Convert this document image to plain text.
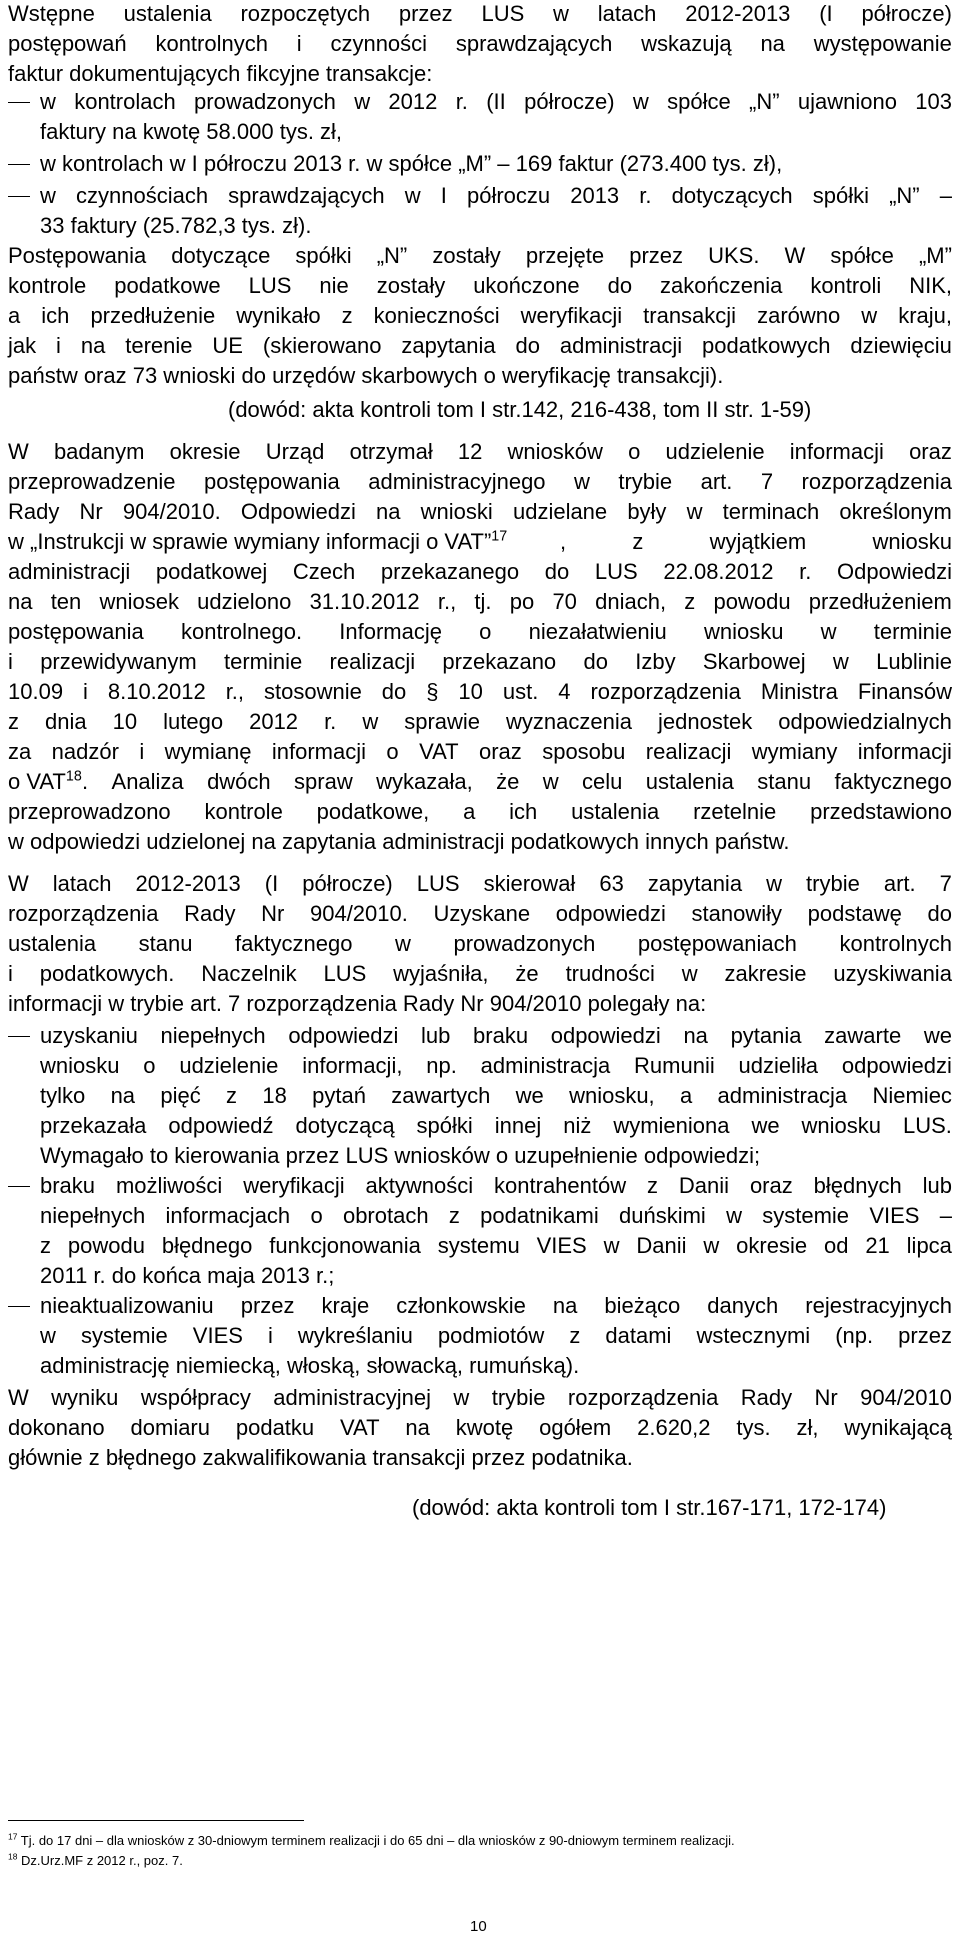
Wstępne ustalenia rozpoczętych przez LUS w latach 2012-2013 (I półrocze)
postępowań kontrolnych i czynności sprawdzających wskazują na występowanie
faktur dokumentujących fikcyjne transakcje:
w kontrolach prowadzonych w 2012 r. (II półrocze) w spółce „N” ujawniono 103
faktury na kwotę 58.000 tys. zł,
w kontrolach w I półroczu 2013 r. w spółce „M” – 169 faktur (273.400 tys. zł),
w czynnościach sprawdzających w I półroczu 2013 r. dotyczących spółki „N” –
33 faktury (25.782,3 tys. zł).
Postępowania dotyczące spółki „N” zostały przejęte przez UKS. W spółce „M”
kontrole podatkowe LUS nie zostały ukończone do zakończenia kontroli NIK,
a ich przedłużenie wynikało z konieczności weryfikacji transakcji zarówno w kraju,
jak i na terenie UE (skierowano zapytania do administracji podatkowych dziewięciu
państw oraz 73 wnioski do urzędów skarbowych o weryfikację transakcji).
(dowód: akta kontroli tom I str.142, 216-438, tom II str. 1-59)
W badanym okresie Urząd otrzymał 12 wniosków o udzielenie informacji oraz
przeprowadzenie postępowania administracyjnego w trybie art. 7 rozporządzenia
Rady Nr 904/2010. Odpowiedzi na wnioski udzielane były w terminach określonym
w „Instrukcji w sprawie wymiany informacji o VAT”$^{17}$ ,	z	wyjątkiem	wniosku
administracji podatkowej Czech przekazanego do LUS 22.08.2012 r. Odpowiedzi
na ten wniosek udzielono 31.10.2012 r., tj. po 70 dniach, z powodu przedłużeniem
postępowania kontrolnego. Informację o niezałatwieniu wniosku w terminie
i przewidywanym terminie realizacji przekazano do Izby Skarbowej w Lublinie
10.09 i 8.10.2012 r., stosownie do § 10 ust. 4 rozporządzenia Ministra Finansów
z dnia 10 lutego 2012 r. w sprawie wyznaczenia jednostek odpowiedzialnych
za nadzór i wymianę informacji o VAT oraz sposobu realizacji wymiany informacji
o VAT$^{18}$ . Analiza dwóch spraw wykazała, że w celu ustalenia stanu faktycznego
przeprowadzono kontrole podatkowe, a ich ustalenia rzetelnie przedstawiono
w odpowiedzi udzielonej na zapytania administracji podatkowych innych państw.
W latach 2012-2013 (I półrocze) LUS skierował 63 zapytania w trybie art. 7
rozporządzenia Rady Nr 904/2010. Uzyskane odpowiedzi stanowiły podstawę do
ustalenia stanu faktycznego w prowadzonych postępowaniach kontrolnych
i podatkowych. Naczelnik LUS wyjaśniła, że trudności w zakresie uzyskiwania
informacji w trybie art. 7 rozporządzenia Rady Nr 904/2010 polegały na:
uzyskaniu niepełnych odpowiedzi lub braku odpowiedzi na pytania zawarte we
wniosku o udzielenie informacji, np. administracja Rumunii udzieliła odpowiedzi
tylko na pięć z 18 pytań zawartych we wniosku, a administracja Niemiec
przekazała odpowiedź dotyczącą spółki innej niż wymieniona we wniosku LUS.
Wymagało to kierowania przez LUS wniosków o uzupełnienie odpowiedzi;
braku możliwości weryfikacji aktywności kontrahentów z Danii oraz błędnych lub
niepełnych informacjach o obrotach z podatnikami duńskimi w systemie VIES –
z powodu błędnego funkcjonowania systemu VIES w Danii w okresie od 21 lipca
2011 r. do końca maja 2013 r.;
nieaktualizowaniu przez kraje członkowskie na bieżąco danych rejestracyjnych
w systemie VIES i wykreślaniu podmiotów z datami wstecznymi (np. przez
administrację niemiecką, włoską, słowacką, rumuńską).
W wyniku współpracy administracyjnej w trybie rozporządzenia Rady Nr 904/2010
dokonano domiaru podatku VAT na kwotę ogółem 2.620,2 tys. zł, wynikającą
głównie z błędnego zakwalifikowania transakcji przez podatnika.
(dowód: akta kontroli tom I str.167-171, 172-174)
$^{17}$ Tj. do 17 dni – dla wniosków z 30-dniowym terminem realizacji i do 65 dni – dla wniosków z 90-dniowym terminem realizacji.
$^{18}$ Dz.Urz.MF z 2012 r., poz. 7.
10
